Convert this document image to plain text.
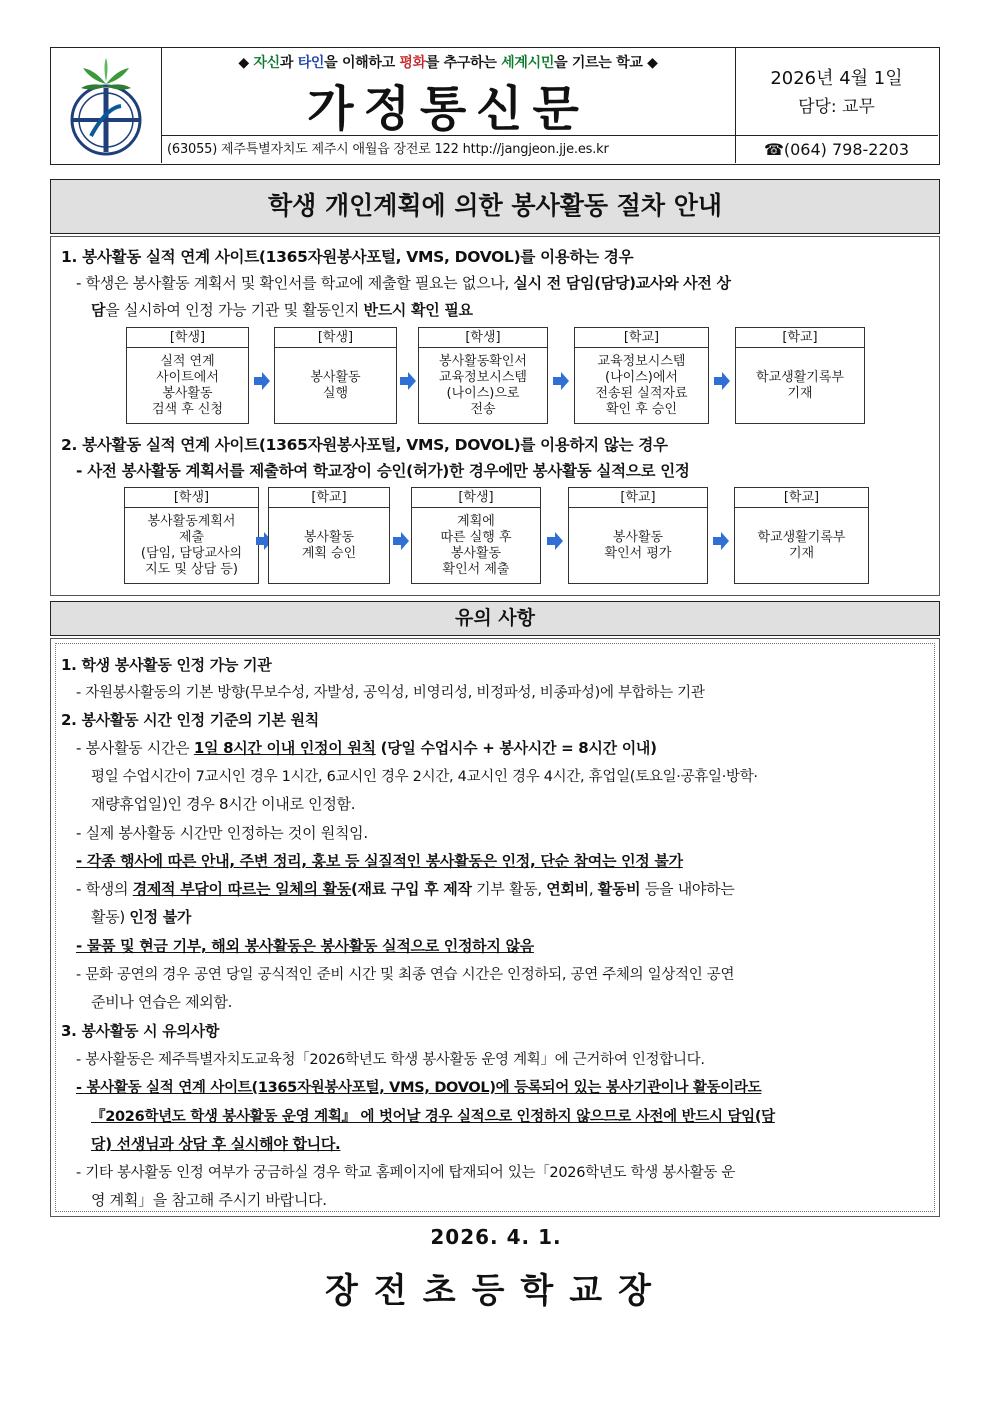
◆ 자신과 타인을 이해하고 평화를 추구하는 세계시민을 기르는 학교 ◆
가정통신문
(63055) 제주특별자치도 제주시 애월읍 장전로 122 http://jangjeon.jje.es.kr
2026년 4월 1일
담당: 교무
☎(064) 798-2203
학생 개인계획에 의한 봉사활동 절차 안내
1. 봉사활동 실적 연계 사이트(1365자원봉사포털, VMS, DOVOL)를 이용하는 경우
- 학생은 봉사활동 계획서 및 확인서를 학교에 제출할 필요는 없으나, 실시 전 담임(담당)교사와 사전 상
담을 실시하여 인정 가능 기관 및 활동인지 반드시 확인 필요
[학생]
실적 연계
사이트에서
봉사활동
검색 후 신청
[학생]
봉사활동
실행
[학생]
봉사활동확인서
교육정보시스템
(나이스)으로
전송
[학교]
교육정보시스템
(나이스)에서
전송된 실적자료
확인 후 승인
[학교]
학교생활기록부
기재
2. 봉사활동 실적 연계 사이트(1365자원봉사포털, VMS, DOVOL)를 이용하지 않는 경우
- 사전 봉사활동 계획서를 제출하여 학교장이 승인(허가)한 경우에만 봉사활동 실적으로 인정
[학생]
봉사활동계획서
제출
(담임, 담당교사의
지도 및 상담 등)
[학교]
봉사활동
계획 승인
[학생]
계획에
따른 실행 후
봉사활동
확인서 제출
[학교]
봉사활동
확인서 평가
[학교]
학교생활기록부
기재
유의 사항
1. 학생 봉사활동 인정 가능 기관
- 자원봉사활동의 기본 방향(무보수성, 자발성, 공익성, 비영리성, 비정파성, 비종파성)에 부합하는 기관
2. 봉사활동 시간 인정 기준의 기본 원칙
- 봉사활동 시간은 1일 8시간 이내 인정이 원칙 (당일 수업시수 + 봉사시간 = 8시간 이내)
평일 수업시간이 7교시인 경우 1시간, 6교시인 경우 2시간, 4교시인 경우 4시간, 휴업일(토요일·공휴일·방학·
재량휴업일)인 경우 8시간 이내로 인정함.
- 실제 봉사활동 시간만 인정하는 것이 원칙임.
- 각종 행사에 따른 안내, 주변 정리, 홍보 등 실질적인 봉사활동은 인정, 단순 참여는 인정 불가
- 학생의 경제적 부담이 따르는 일체의 활동(재료 구입 후 제작 기부 활동, 연회비, 활동비 등을 내야하는
활동) 인정 불가
- 물품 및 현금 기부, 해외 봉사활동은 봉사활동 실적으로 인정하지 않음
- 문화 공연의 경우 공연 당일 공식적인 준비 시간 및 최종 연습 시간은 인정하되, 공연 주체의 일상적인 공연
준비나 연습은 제외함.
3. 봉사활동 시 유의사항
- 봉사활동은 제주특별자치도교육청「2026학년도 학생 봉사활동 운영 계획」에 근거하여 인정합니다.
- 봉사활동 실적 연계 사이트(1365자원봉사포털, VMS, DOVOL)에 등록되어 있는 봉사기관이나 활동이라도
『2026학년도 학생 봉사활동 운영 계획』 에 벗어날 경우 실적으로 인정하지 않으므로 사전에 반드시 담임(담
당) 선생님과 상담 후 실시해야 합니다.
- 기타 봉사활동 인정 여부가 궁금하실 경우 학교 홈페이지에 탑재되어 있는「2026학년도 학생 봉사활동 운
영 계획」을 참고해 주시기 바랍니다.
2026. 4. 1.
장전초등학교장
